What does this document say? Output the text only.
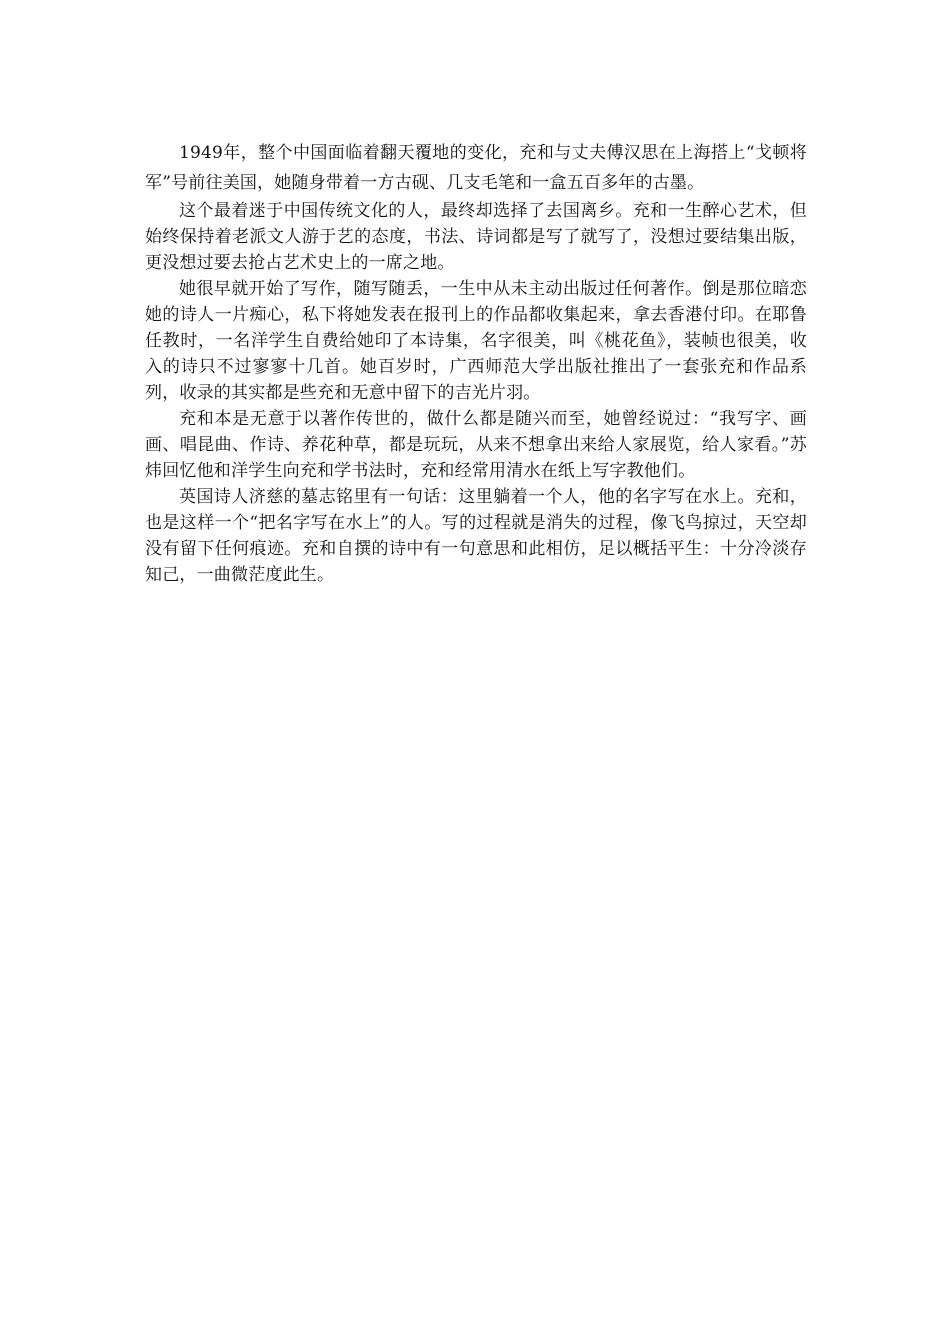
1949年，整个中国面临着翻天覆地的变化，充和与丈夫傅汉思在上海搭上“戈顿将军”号前往美国，她随身带着一方古砚、几支毛笔和一盒五百多年的古墨。

这个最着迷于中国传统文化的人，最终却选择了去国离乡。充和一生醉心艺术，但始终保持着老派文人游于艺的态度，书法、诗词都是写了就写了，没想过要结集出版，更没想过要去抢占艺术史上的一席之地。

她很早就开始了写作，随写随丢，一生中从未主动出版过任何著作。倒是那位暗恋她的诗人一片痴心，私下将她发表在报刊上的作品都收集起来，拿去香港付印。在耶鲁任教时，一名洋学生自费给她印了本诗集，名字很美，叫《桃花鱼》，装帧也很美，收入的诗只不过寥寥十几首。她百岁时，广西师范大学出版社推出了一套张充和作品系列，收录的其实都是些充和无意中留下的吉光片羽。

充和本是无意于以著作传世的，做什么都是随兴而至，她曾经说过：“我写字、画画、唱昆曲、作诗、养花种草，都是玩玩，从来不想拿出来给人家展览，给人家看。”苏炜回忆他和洋学生向充和学书法时，充和经常用清水在纸上写字教他们。

英国诗人济慈的墓志铭里有一句话：这里躺着一个人，他的名字写在水上。充和，也是这样一个“把名字写在水上”的人。写的过程就是消失的过程，像飞鸟掠过，天空却没有留下任何痕迹。充和自撰的诗中有一句意思和此相仿，足以概括平生：十分冷淡存知己，一曲微茫度此生。
